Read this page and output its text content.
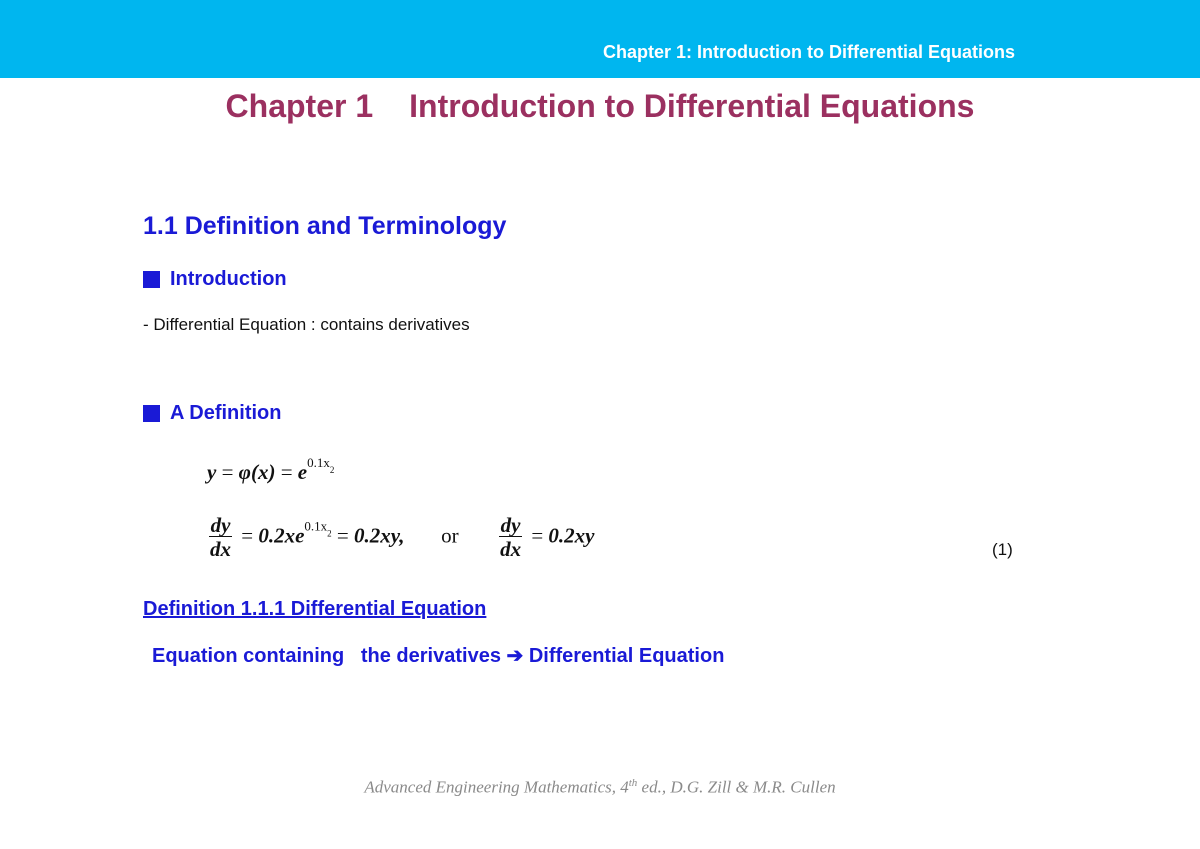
Chapter 1: Introduction to Differential Equations
Chapter 1 Introduction to Differential Equations
1.1 Definition and Terminology
Introduction
- Differential Equation : contains derivatives
A Definition
$y = \varphi(x) = e^{0.1x2}$
$\frac{dy}{dx} = 0.2xe^{0.1x2} = 0.2xy$, or $\frac{dy}{dx} = 0.2xy$
(1)
Definition 1.1.1 Differential Equation
Equation containing   the derivatives ➔ Differential Equation
Advanced Engineering Mathematics, 4th ed., D.G. Zill & M.R. Cullen
